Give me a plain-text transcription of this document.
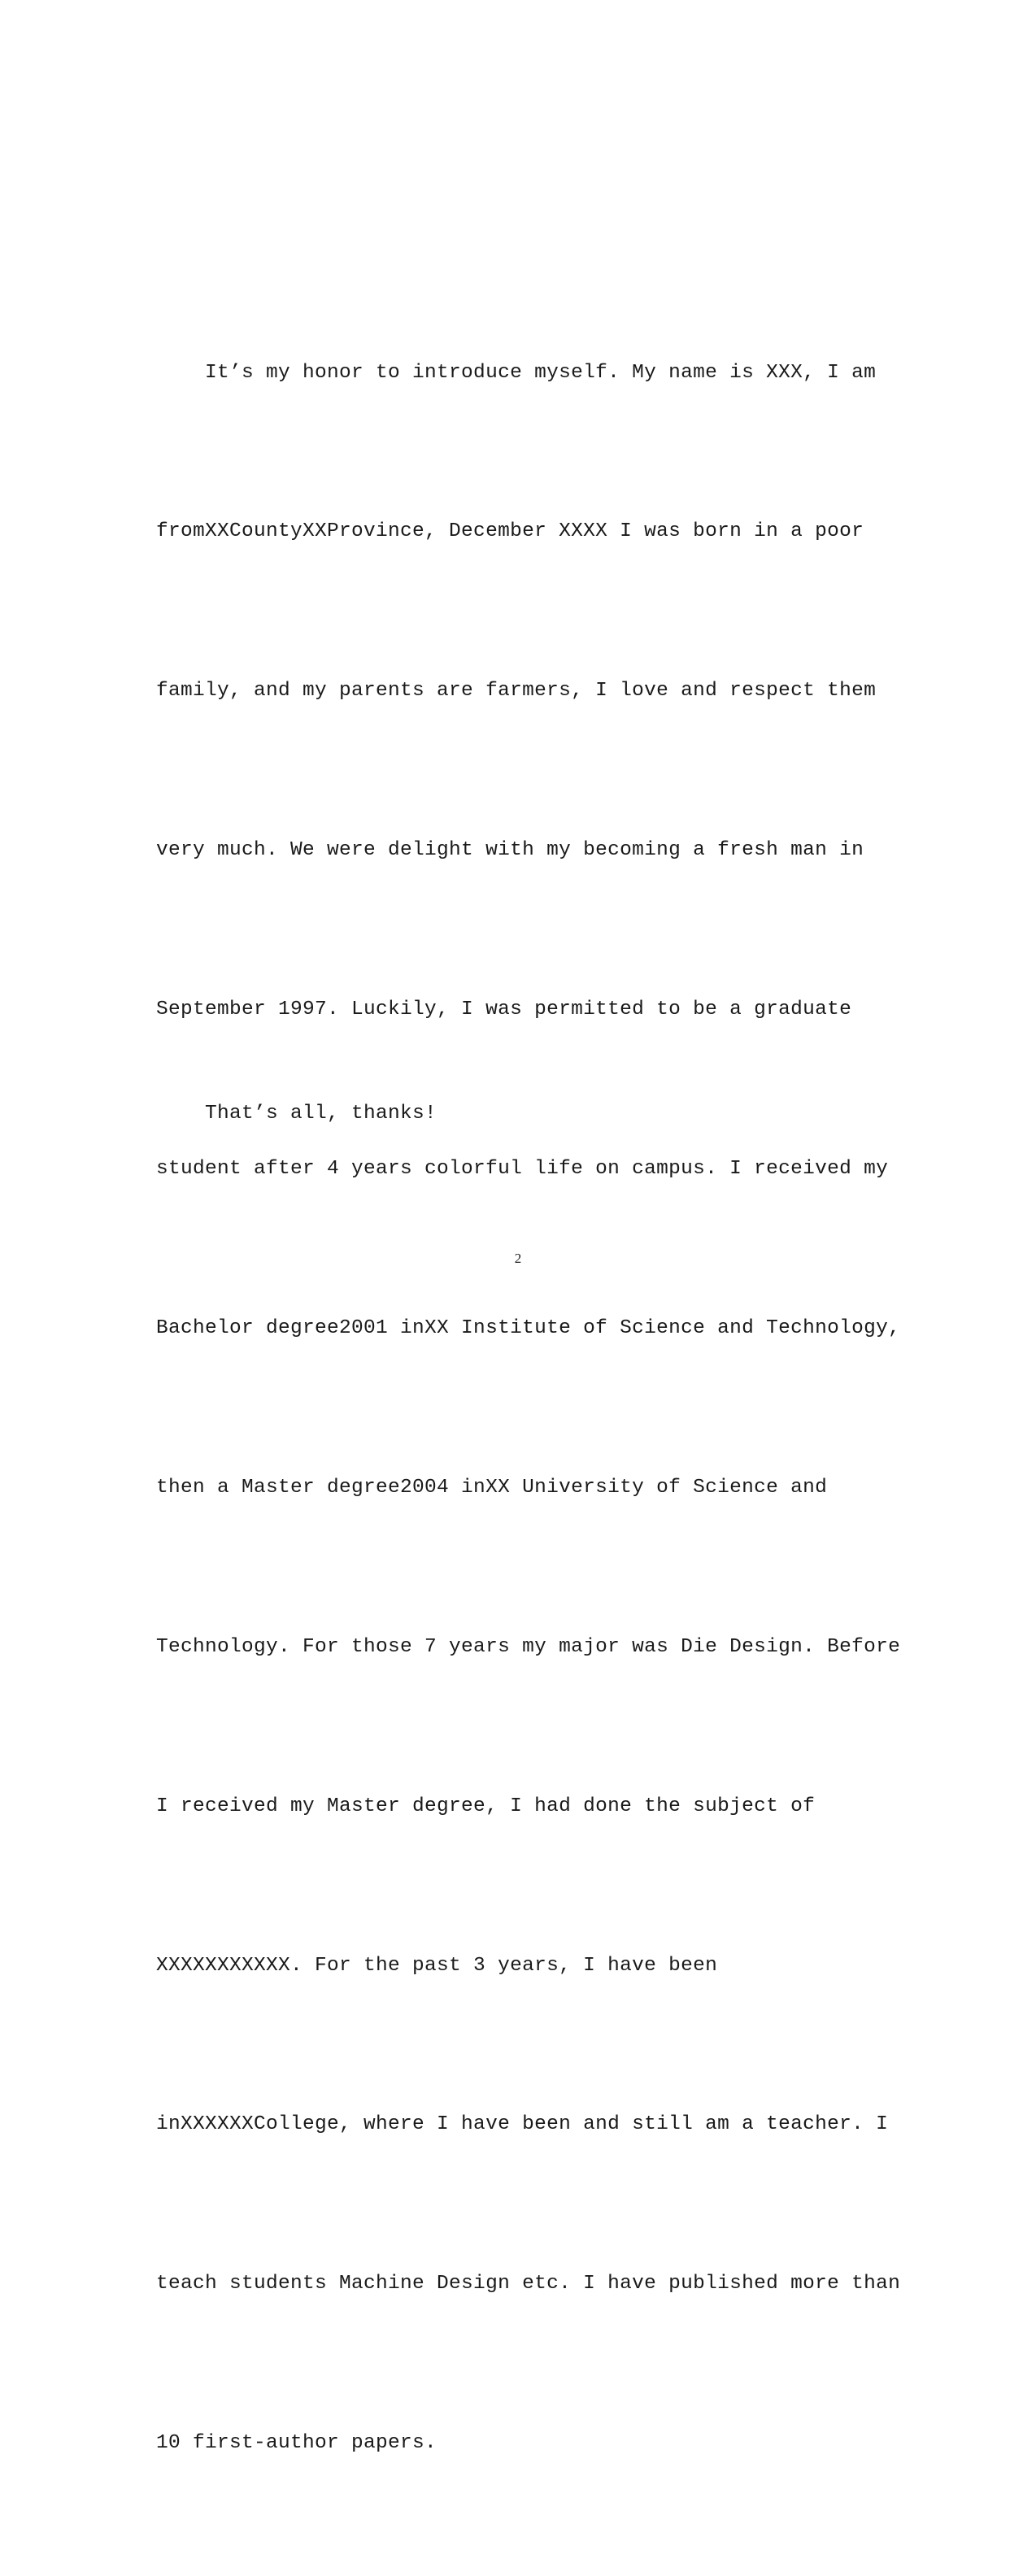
It’s my honor to introduce myself. My name is XXX, I am

fromXXCountyXXProvince, December XXXX I was born in a poor

family, and my parents are farmers, I love and respect them

very much. We were delight with my becoming a fresh man in

September 1997. Luckily, I was permitted to be a graduate

student after 4 years colorful life on campus. I received my

Bachelor degree2001 inXX Institute of Science and Technology,

then a Master degree2004 inXX University of Science and

Technology. For those 7 years my major was Die Design. Before

I received my Master degree, I had done the subject of

XXXXXXXXXXX. For the past 3 years, I have been

inXXXXXXCollege, where I have been and still am a teacher. I

teach students Machine Design etc. I have published more than

10 first-author papers.

That’s all, thanks!
2
